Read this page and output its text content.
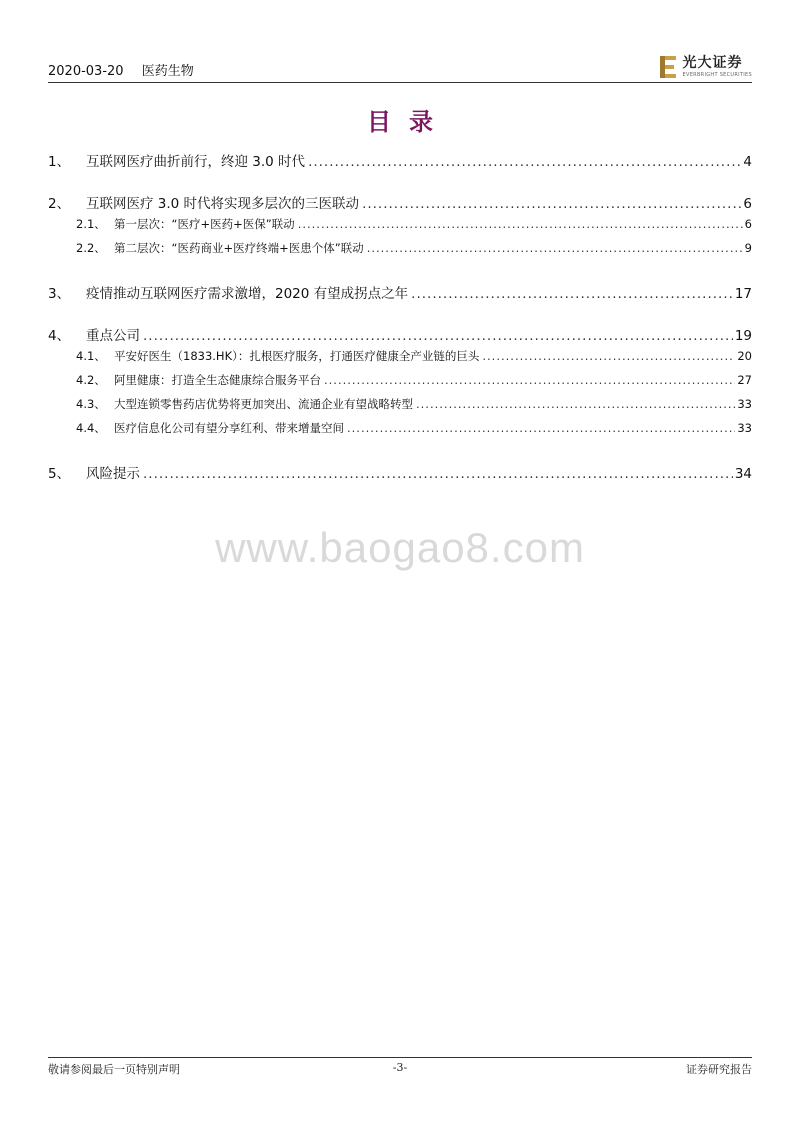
2020-03-20 医药生物
光大证券
EVERBRIGHT SECURITIES
目录
1、	互联网医疗曲折前行，终迎 3.0 时代 .....	4
2、	互联网医疗 3.0 时代将实现多层次的三医联动 .....	6
2.1、 第一层次：“医疗+医药+医保”联动 .....	6
2.2、 第二层次：“医药商业+医疗终端+医患个体”联动 .....	9
3、	疫情推动互联网医疗需求激增，2020 有望成拐点之年 .....	17
4、	重点公司 .....	19
4.1、 平安好医生（1833.HK）：扎根医疗服务，打通医疗健康全产业链的巨头 .....	20
4.2、 阿里健康：打造全生态健康综合服务平台 .....	27
4.3、 大型连锁零售药店优势将更加突出、流通企业有望战略转型 .....	33
4.4、 医疗信息化公司有望分享红利、带来增量空间 .....	33
5、	风险提示 .....	34
www.baogao8.com
敬请参阅最后一页特别声明	-3-	证券研究报告
